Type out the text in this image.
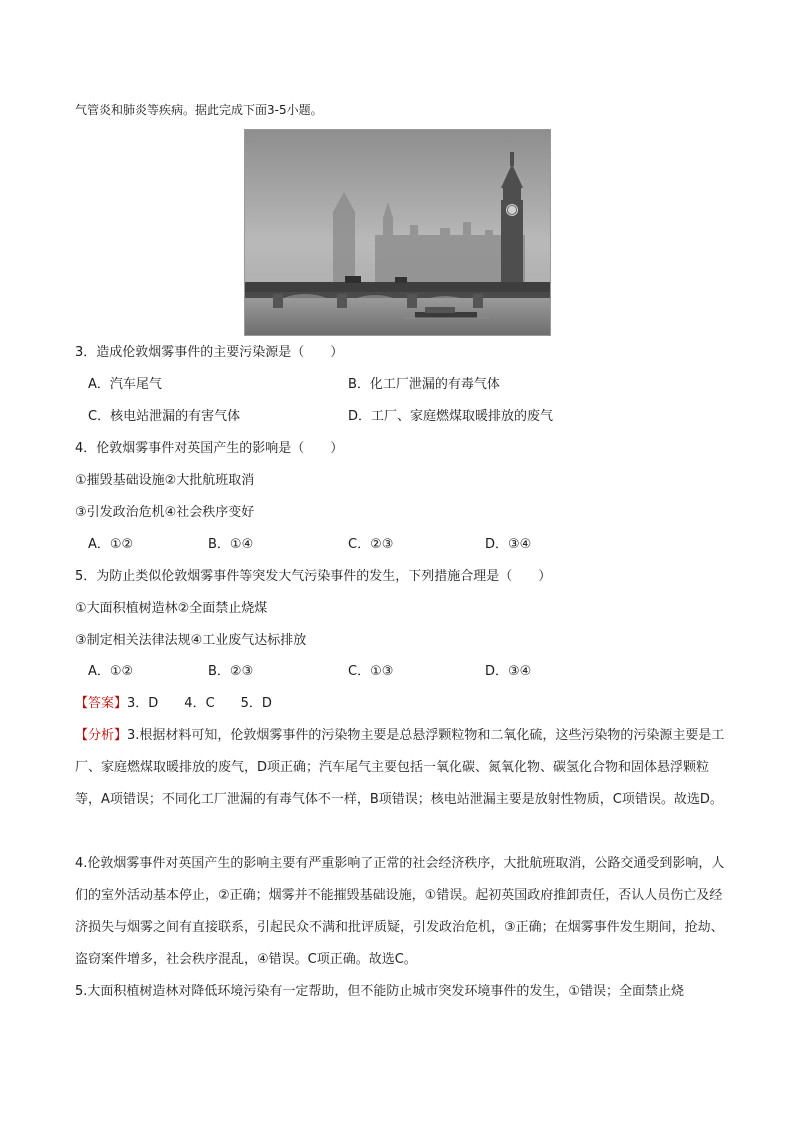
气管炎和肺炎等疾病。据此完成下面3-5小题。
3．造成伦敦烟雾事件的主要污染源是（　　）
A．汽车尾气	B．化工厂泄漏的有毒气体
C．核电站泄漏的有害气体	D．工厂、家庭燃煤取暖排放的废气
4．伦敦烟雾事件对英国产生的影响是（　　）
①摧毁基础设施②大批航班取消
③引发政治危机④社会秩序变好
A．①②	B．①④	C．②③	D．③④
5．为防止类似伦敦烟雾事件等突发大气污染事件的发生，下列措施合理是（　　）
①大面积植树造林②全面禁止烧煤
③制定相关法律法规④工业废气达标排放
A．①②	B．②③	C．①③	D．③④
【答案】3．D　　4．C　　5．D
【分析】3.根据材料可知，伦敦烟雾事件的污染物主要是总悬浮颗粒物和二氧化硫，这些污染物的污染源主要是工厂、家庭燃煤取暖排放的废气，D项正确；汽车尾气主要包括一氧化碳、氮氧化物、碳氢化合物和固体悬浮颗粒等，A项错误；不同化工厂泄漏的有毒气体不一样，B项错误；核电站泄漏主要是放射性物质，C项错误。故选D。
4.伦敦烟雾事件对英国产生的影响主要有严重影响了正常的社会经济秩序，大批航班取消，公路交通受到影响，人们的室外活动基本停止，②正确；烟雾并不能摧毁基础设施，①错误。起初英国政府推卸责任，否认人员伤亡及经济损失与烟雾之间有直接联系，引起民众不满和批评质疑，引发政治危机，③正确；在烟雾事件发生期间，抢劫、盗窃案件增多，社会秩序混乱，④错误。C项正确。故选C。
5.大面积植树造林对降低环境污染有一定帮助，但不能防止城市突发环境事件的发生，①错误；全面禁止烧
